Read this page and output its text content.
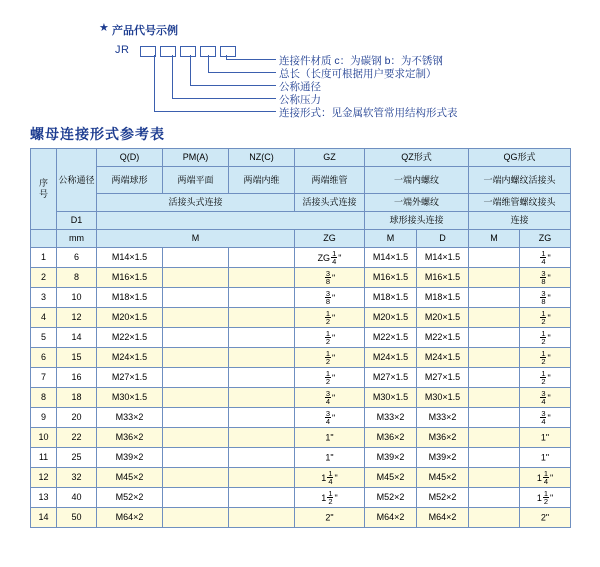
★ 产品代号示例
JR
连接件材质 c：为碳钢 b：为不锈钢
总长（长度可根据用户要求定制）
公称通径
公称压力
连接形式：见金属软管常用结构形式表
螺母连接形式参考表
序
号	公称通径	Q(D)	PM(A)	NZ(C)	GZ	QZ形式		QG形式	
		两端球形	两端平面	两端内维	两端维管	一端内螺纹		一端内螺纹活接头	
		活接头式连接			活接头式连接	一端外螺纹		一端维管螺纹接头	
	D1					球形接头连接		连接	
	mm	M			ZG	M	D	M	ZG
1	6	M14×1.5			ZG $\frac{1}{4}$ "	M14×1.5	M14×1.5		$\frac{1}{4}$ "
2	8	M16×1.5			$\frac{3}{8}$ "	M16×1.5	M16×1.5		$\frac{3}{8}$ "
3	10	M18×1.5			$\frac{3}{8}$ "	M18×1.5	M18×1.5		$\frac{3}{8}$ "
4	12	M20×1.5			$\frac{1}{2}$ "	M20×1.5	M20×1.5		$\frac{1}{2}$ "
5	14	M22×1.5			$\frac{1}{2}$ "	M22×1.5	M22×1.5		$\frac{1}{2}$ "
6	15	M24×1.5			$\frac{1}{2}$ "	M24×1.5	M24×1.5		$\frac{1}{2}$ "
7	16	M27×1.5			$\frac{1}{2}$ "	M27×1.5	M27×1.5		$\frac{1}{2}$ "
8	18	M30×1.5			$\frac{3}{4}$ "	M30×1.5	M30×1.5		$\frac{3}{4}$ "
9	20	M33×2			$\frac{3}{4}$ "	M33×2	M33×2		$\frac{3}{4}$ "
10	22	M36×2			1"	M36×2	M36×2		1"
11	25	M39×2			1"	M39×2	M39×2		1"
12	32	M45×2			$1 \frac{1}{4}$ "	M45×2	M45×2		$1 \frac{1}{4}$ "
13	40	M52×2			$1 \frac{1}{2}$ "	M52×2	M52×2		$1 \frac{1}{2}$ "
14	50	M64×2			2"	M64×2	M64×2		2"
